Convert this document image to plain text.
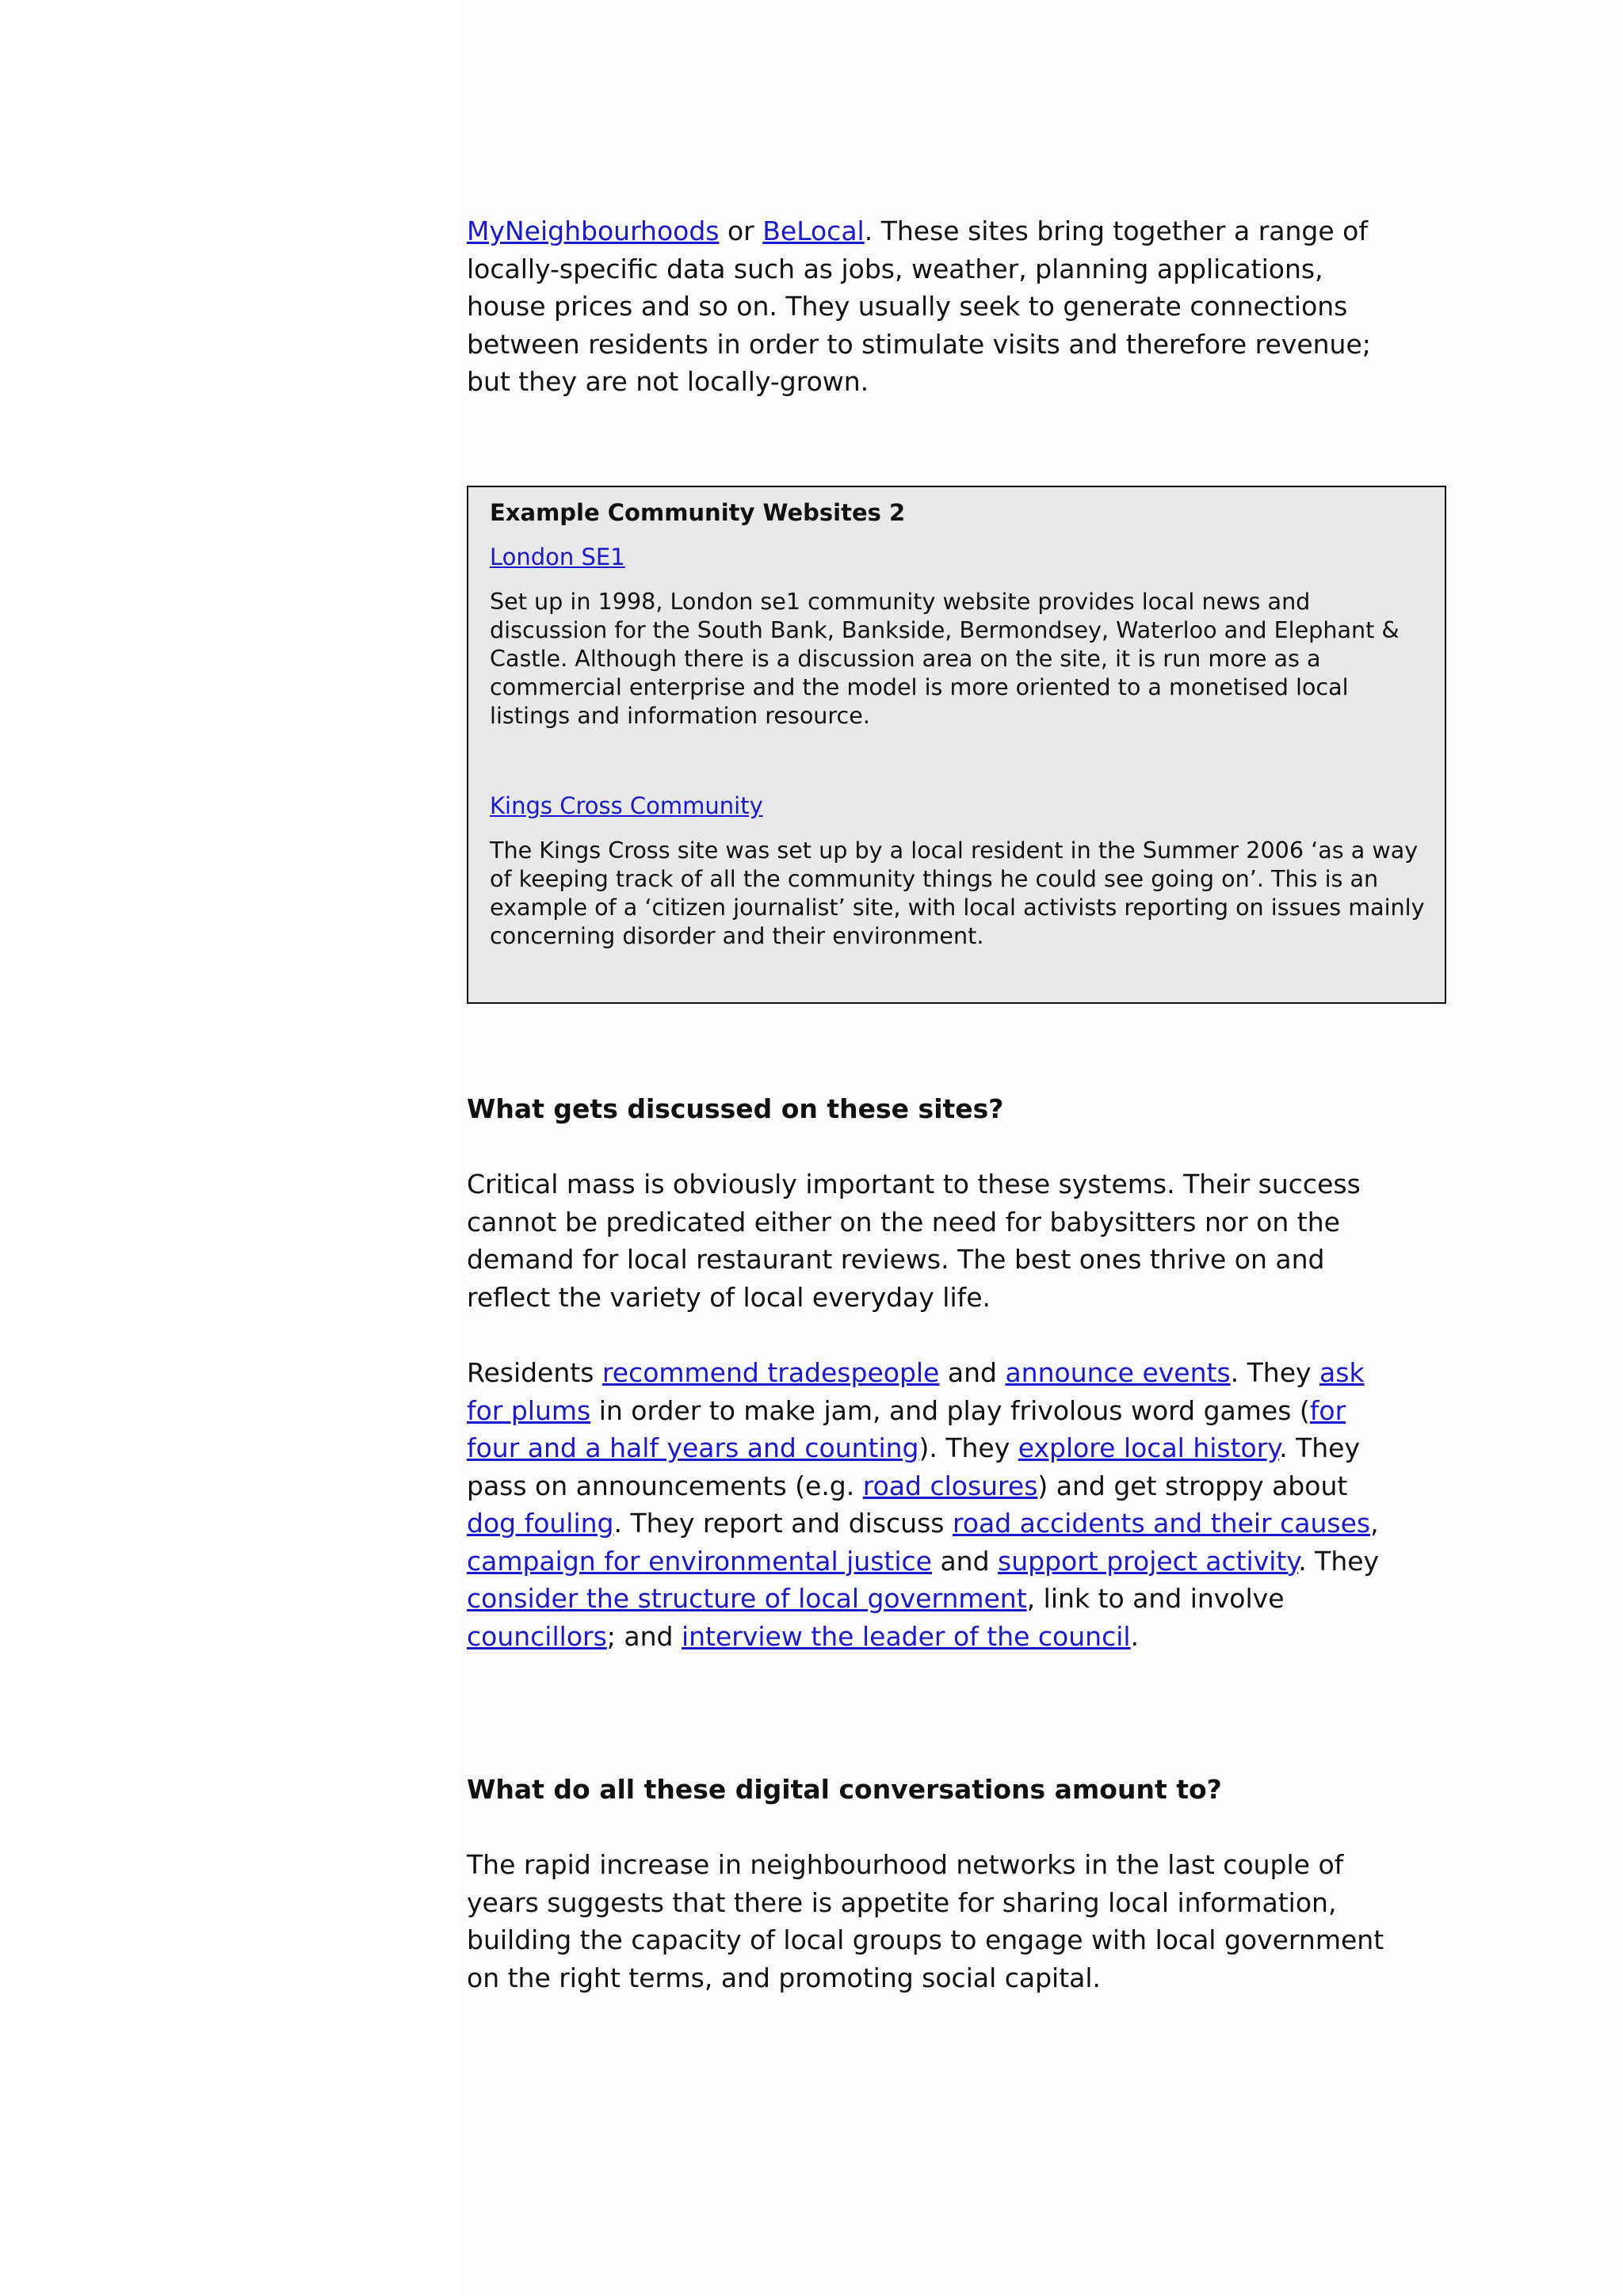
MyNeighbourhoods or BeLocal. These sites bring together a range of locally-specific data such as jobs, weather, planning applications, house prices and so on. They usually seek to generate connections between residents in order to stimulate visits and therefore revenue; but they are not locally-grown.

Example Community Websites 2

London SE1

Set up in 1998, London se1 community website provides local news and discussion for the South Bank, Bankside, Bermondsey, Waterloo and Elephant & Castle. Although there is a discussion area on the site, it is run more as a commercial enterprise and the model is more oriented to a monetised local listings and information resource.

Kings Cross Community

The Kings Cross site was set up by a local resident in the Summer 2006 ‘as a way of keeping track of all the community things he could see going on’. This is an example of a ‘citizen journalist’ site, with local activists reporting on issues mainly concerning disorder and their environment.

What gets discussed on these sites?

Critical mass is obviously important to these systems. Their success cannot be predicated either on the need for babysitters nor on the demand for local restaurant reviews. The best ones thrive on and reflect the variety of local everyday life.

Residents recommend tradespeople and announce events. They ask for plums in order to make jam, and play frivolous word games (for four and a half years and counting). They explore local history. They pass on announcements (e.g. road closures) and get stroppy about dog fouling. They report and discuss road accidents and their causes, campaign for environmental justice and support project activity. They consider the structure of local government, link to and involve councillors; and interview the leader of the council.

What do all these digital conversations amount to?

The rapid increase in neighbourhood networks in the last couple of years suggests that there is appetite for sharing local information, building the capacity of local groups to engage with local government on the right terms, and promoting social capital.
